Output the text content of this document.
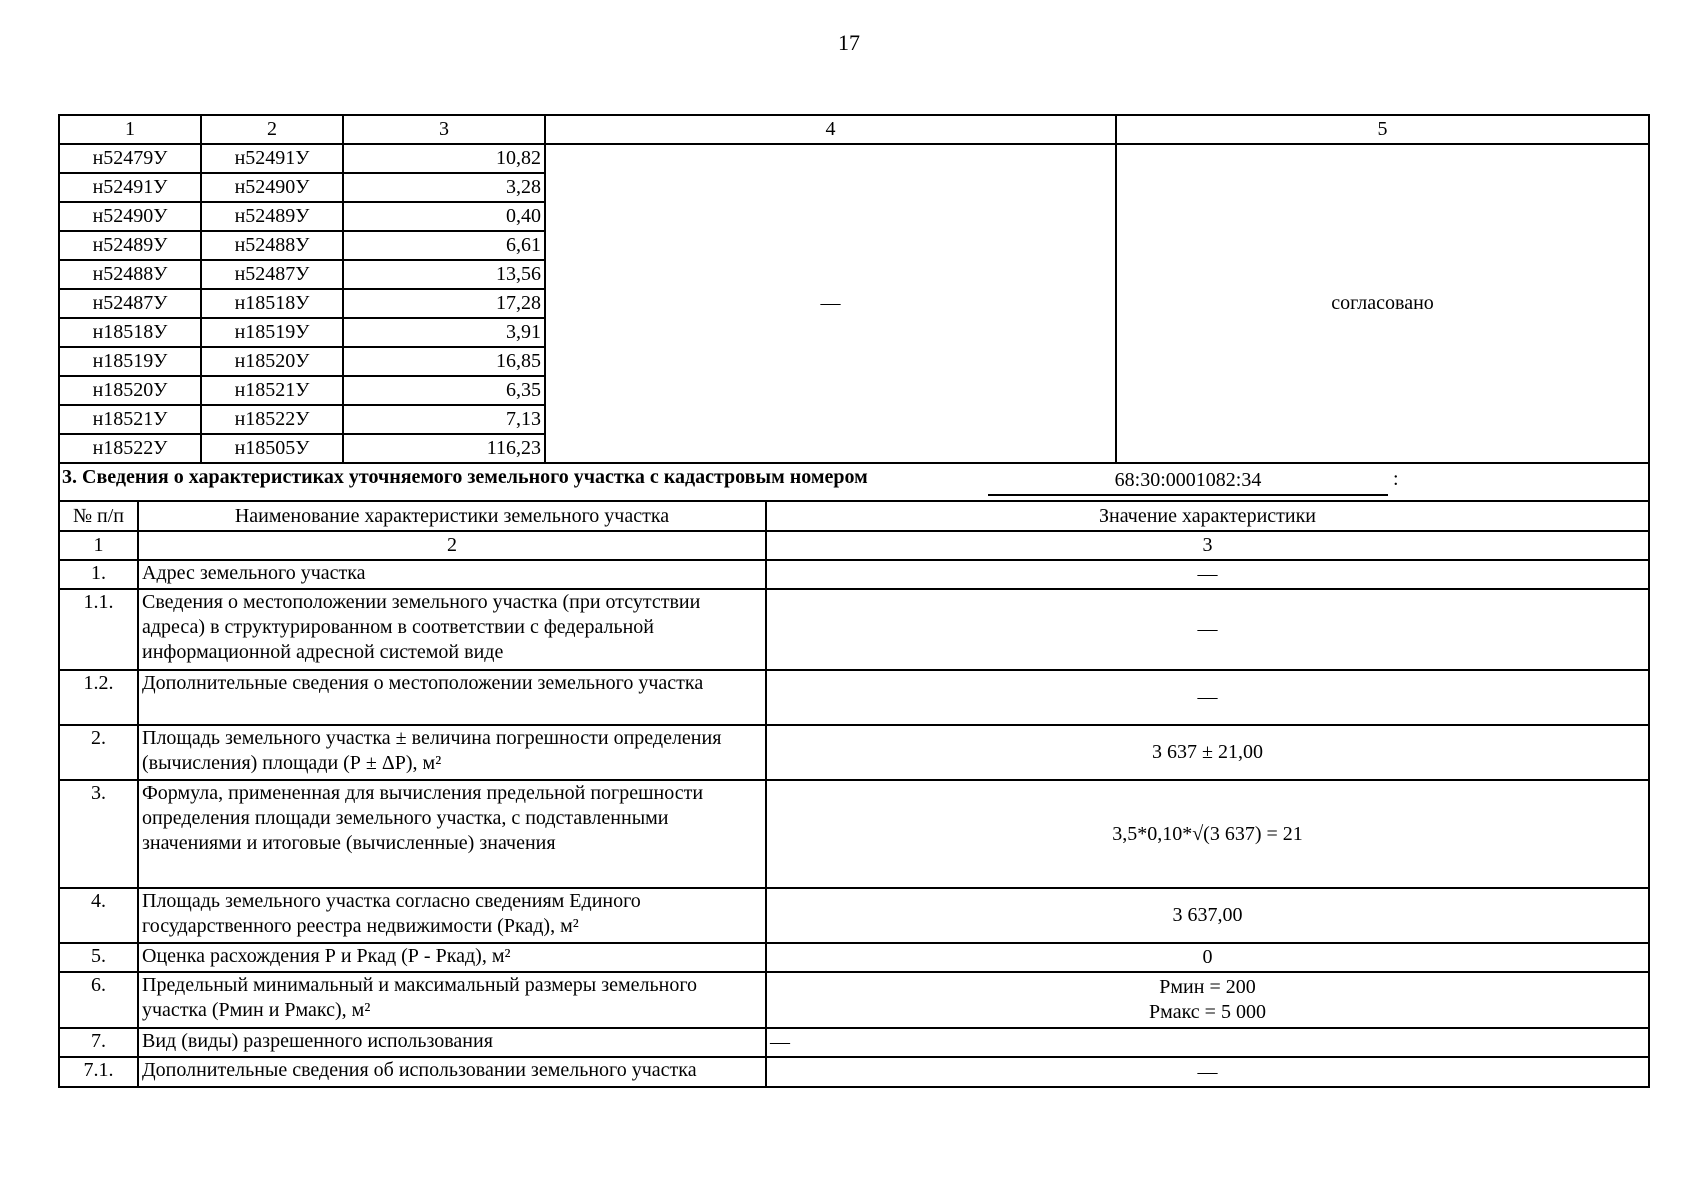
17
1	2	3	4	5
н52479У	н52491У	10,82	—	согласовано
н52491У	н52490У	3,28		
н52490У	н52489У	0,40		
н52489У	н52488У	6,61		
н52488У	н52487У	13,56		
н52487У	н18518У	17,28		
н18518У	н18519У	3,91		
н18519У	н18520У	16,85		
н18520У	н18521У	6,35		
н18521У	н18522У	7,13		
н18522У	н18505У	116,23		
3. Сведения о характеристиках уточняемого земельного участка с кадастровым номером	68:30:0001082:34	:
№ п/п	Наименование характеристики земельного участка	Значение характеристики
1	2	3
1.	Адрес земельного участка	—
1.1.	Сведения о местоположении земельного участка (при отсутствии адреса) в структурированном в соответствии с федеральной информационной адресной системой виде	—
1.2.	Дополнительные сведения о местоположении земельного участка	—
2.	Площадь земельного участка ± величина погрешности определения (вычисления) площади (Р ± ΔР), м²	3 637 ± 21,00
3.	Формула, примененная для вычисления предельной погрешности определения площади земельного участка, с подставленными значениями и итоговые (вычисленные) значения	3,5*0,10*√(3 637) = 21
4.	Площадь земельного участка согласно сведениям Единого государственного реестра недвижимости (Ркад), м²	3 637,00
5.	Оценка расхождения Р и Ркад (Р - Ркад), м²	0
6.	Предельный минимальный и максимальный размеры земельного участка (Рмин и Рмакс), м²	Рмин = 200
Рмакс = 5 000

7.	Вид (виды) разрешенного использования	—
7.1.	Дополнительные сведения об использовании земельного участка	—
